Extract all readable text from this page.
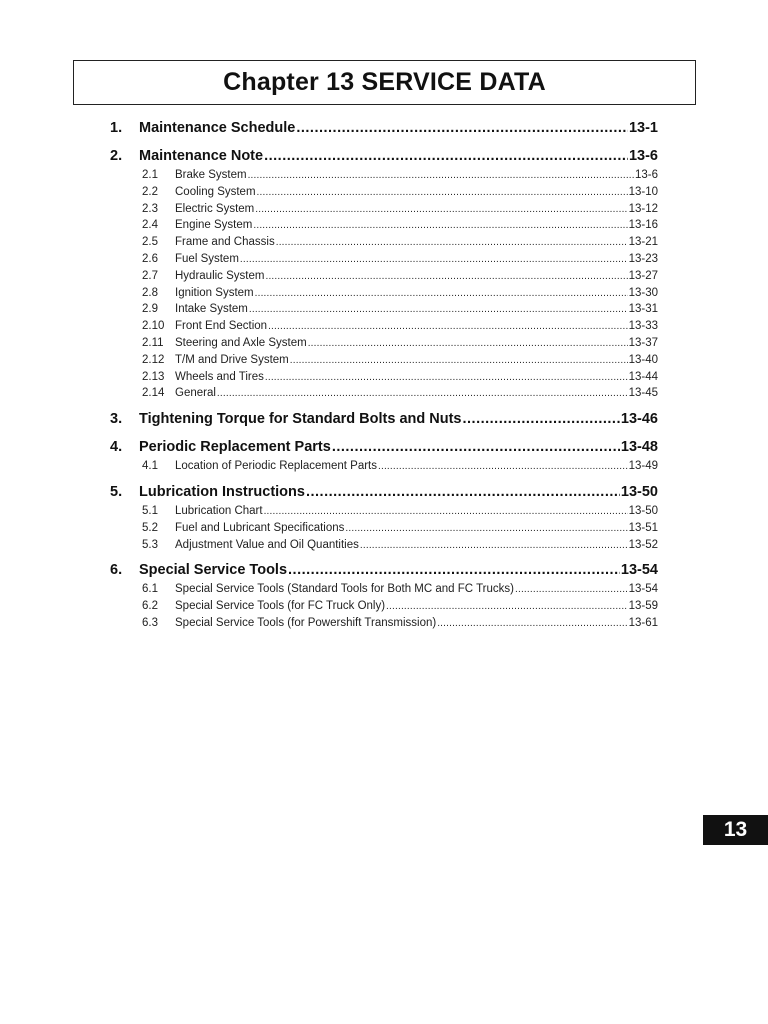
Chapter 13 SERVICE DATA
1.	Maintenance Schedule .....	13-1
2.	Maintenance Note .....	13-6
2.1	Brake System .....	13-6
2.2	Cooling System .....	13-10
2.3	Electric System .....	13-12
2.4	Engine System .....	13-16
2.5	Frame and Chassis .....	13-21
2.6	Fuel System .....	13-23
2.7	Hydraulic System .....	13-27
2.8	Ignition System .....	13-30
2.9	Intake System .....	13-31
2.10 Front End Section .....	13-33
2.11 Steering and Axle System .....	13-37
2.12 T/M and Drive System .....	13-40
2.13 Wheels and Tires .....	13-44
2.14 General .....	13-45
3.	Tightening Torque for Standard Bolts and Nuts .....	13-46
4.	Periodic Replacement Parts .....	13-48
4.1	Location of Periodic Replacement Parts .....	13-49
5.	Lubrication Instructions .....	13-50
5.1	Lubrication Chart .....	13-50
5.2	Fuel and Lubricant Specifications .....	13-51
5.3	Adjustment Value and Oil Quantities .....	13-52
6.	Special Service Tools .....	13-54
6.1	Special Service Tools (Standard Tools for Both MC and FC Trucks) .....	13-54
6.2	Special Service Tools (for FC Truck Only) .....	13-59
6.3	Special Service Tools (for Powershift Transmission) .....	13-61
13
